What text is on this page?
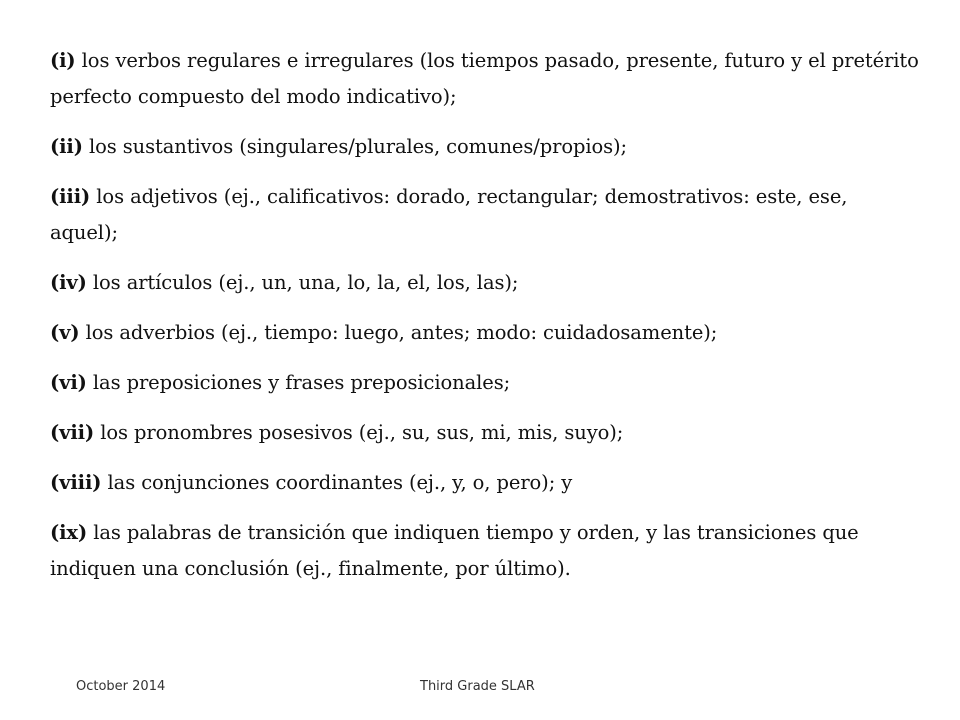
(i) los verbos regulares e irregulares (los tiempos pasado, presente, futuro y el pretérito perfecto compuesto del modo indicativo);
(ii) los sustantivos (singulares/plurales, comunes/propios);
(iii) los adjetivos (ej., calificativos: dorado, rectangular; demostrativos: este, ese, aquel);
(iv) los artículos (ej., un, una, lo, la, el, los, las);
(v) los adverbios (ej., tiempo: luego, antes; modo: cuidadosamente);
(vi) las preposiciones y frases preposicionales;
(vii) los pronombres posesivos (ej., su, sus, mi, mis, suyo);
(viii) las conjunciones coordinantes (ej., y, o, pero); y
(ix) las palabras de transición que indiquen tiempo y orden, y las transiciones que indiquen una conclusión (ej., finalmente, por último).
October 2014	Third Grade SLAR
